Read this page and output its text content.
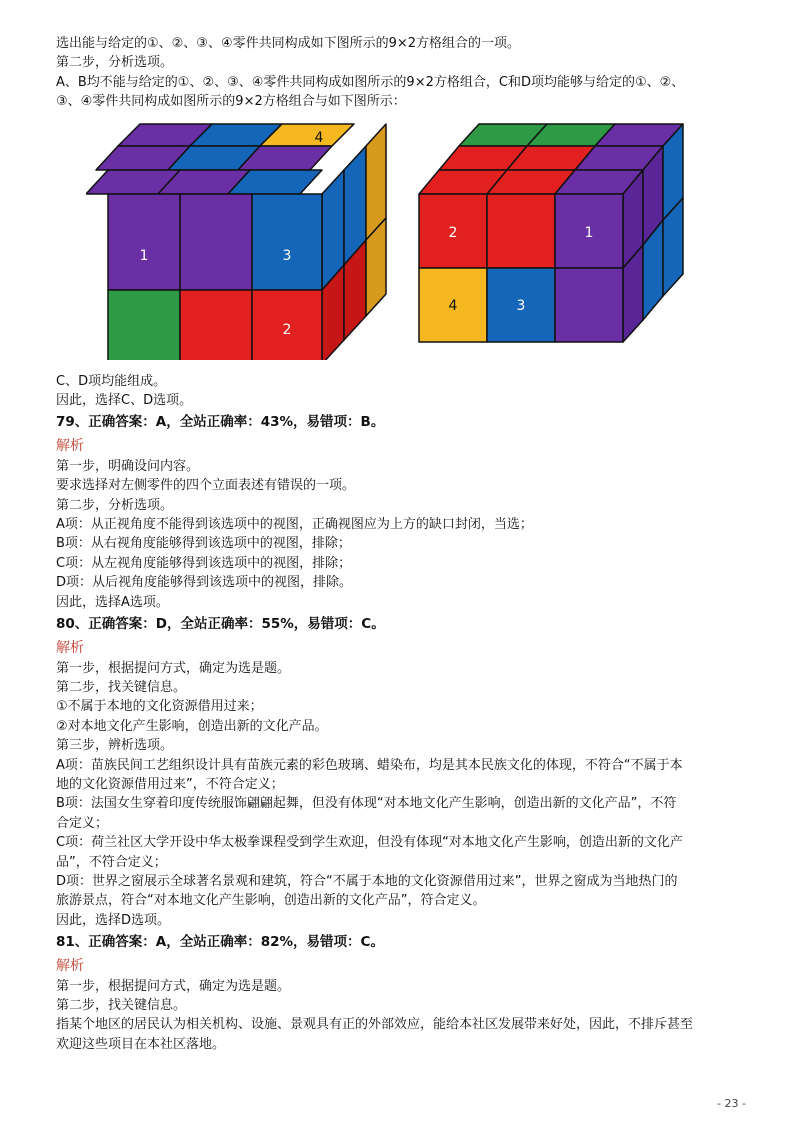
选出能与给定的①、②、③、④零件共同构成如下图所示的9×2方格组合的一项。
第二步，分析选项。
A、B均不能与给定的①、②、③、④零件共同构成如图所示的9×2方格组合，C和D项均能够与给定的①、②、
③、④零件共同构成如图所示的9×2方格组合与如下图所示：
1	3
2
4
2	1
4	3
C、D项均能组成。
因此，选择C、D选项。
79、正确答案：A，全站正确率：43%，易错项：B。
解析
第一步，明确设问内容。
要求选择对左侧零件的四个立面表述有错误的一项。
第二步，分析选项。
A项：从正视角度不能得到该选项中的视图，正确视图应为上方的缺口封闭，当选；
B项：从右视角度能够得到该选项中的视图，排除；
C项：从左视角度能够得到该选项中的视图，排除；
D项：从后视角度能够得到该选项中的视图，排除。
因此，选择A选项。
80、正确答案：D，全站正确率：55%，易错项：C。
解析
第一步，根据提问方式，确定为选是题。
第二步，找关键信息。
①不属于本地的文化资源借用过来；
②对本地文化产生影响，创造出新的文化产品。
第三步，辨析选项。
A项：苗族民间工艺组织设计具有苗族元素的彩色玻璃、蜡染布，均是其本民族文化的体现，不符合“不属于本
地的文化资源借用过来”，不符合定义；
B项：法国女生穿着印度传统服饰翩翩起舞，但没有体现“对本地文化产生影响，创造出新的文化产品”，不符
合定义；
C项：荷兰社区大学开设中华太极拳课程受到学生欢迎，但没有体现“对本地文化产生影响，创造出新的文化产
品”，不符合定义；
D项：世界之窗展示全球著名景观和建筑，符合“不属于本地的文化资源借用过来”，世界之窗成为当地热门的
旅游景点，符合“对本地文化产生影响，创造出新的文化产品”，符合定义。
因此，选择D选项。
81、正确答案：A，全站正确率：82%，易错项：C。
解析
第一步，根据提问方式，确定为选是题。
第二步，找关键信息。
指某个地区的居民认为相关机构、设施、景观具有正的外部效应，能给本社区发展带来好处，因此，不排斥甚至
欢迎这些项目在本社区落地。
- 23 -
